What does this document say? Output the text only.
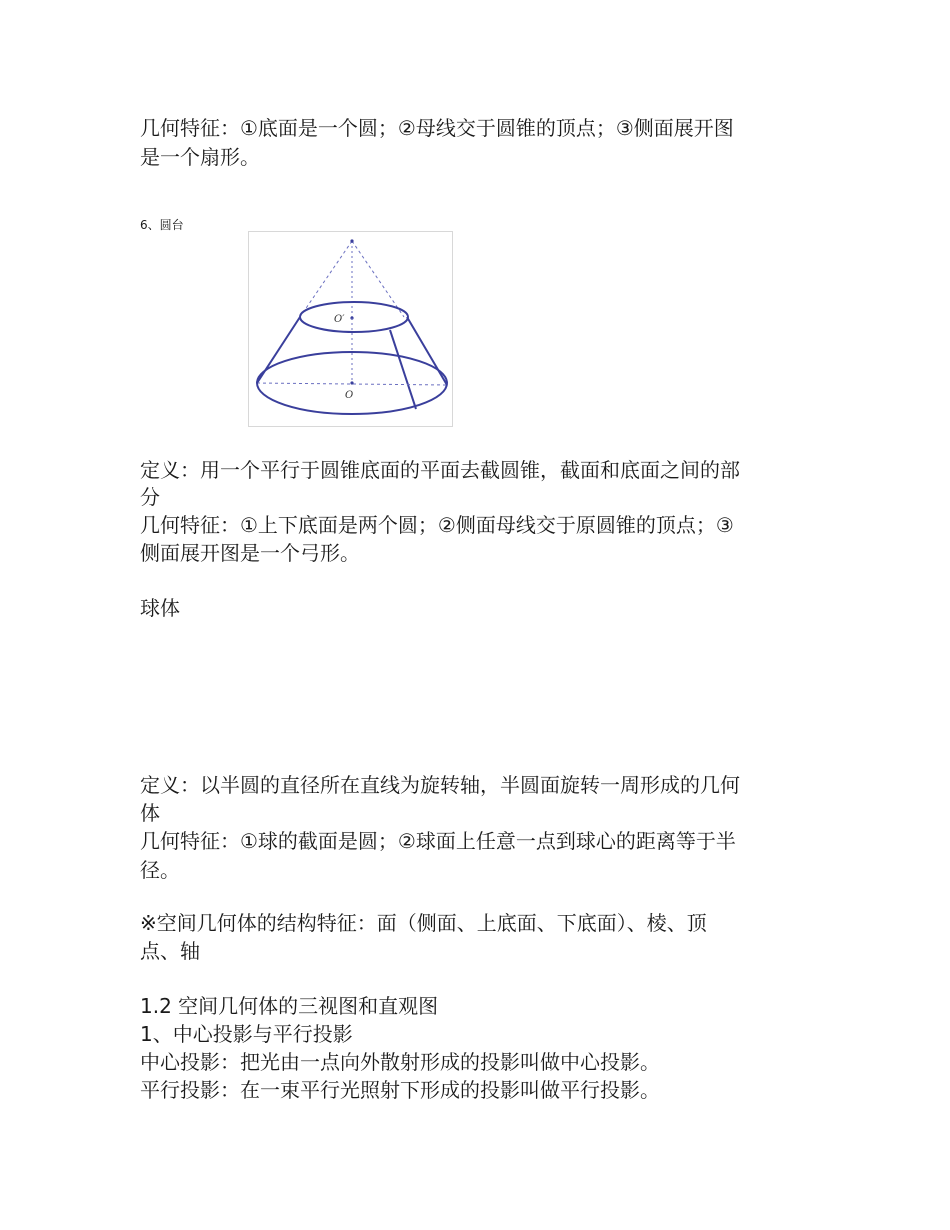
几何特征：①底面是一个圆；②母线交于圆锥的顶点；③侧面展开图
是一个扇形。
6、圆台
O′
O
定义：用一个平行于圆锥底面的平面去截圆锥，截面和底面之间的部
分
几何特征：①上下底面是两个圆；②侧面母线交于原圆锥的顶点；③
侧面展开图是一个弓形。
球体
定义：以半圆的直径所在直线为旋转轴，半圆面旋转一周形成的几何
体
几何特征：①球的截面是圆；②球面上任意一点到球心的距离等于半
径。
※空间几何体的结构特征：面（侧面、上底面、下底面）、棱、顶
点、轴
1.2 空间几何体的三视图和直观图
1、中心投影与平行投影
中心投影：把光由一点向外散射形成的投影叫做中心投影。
平行投影：在一束平行光照射下形成的投影叫做平行投影。
